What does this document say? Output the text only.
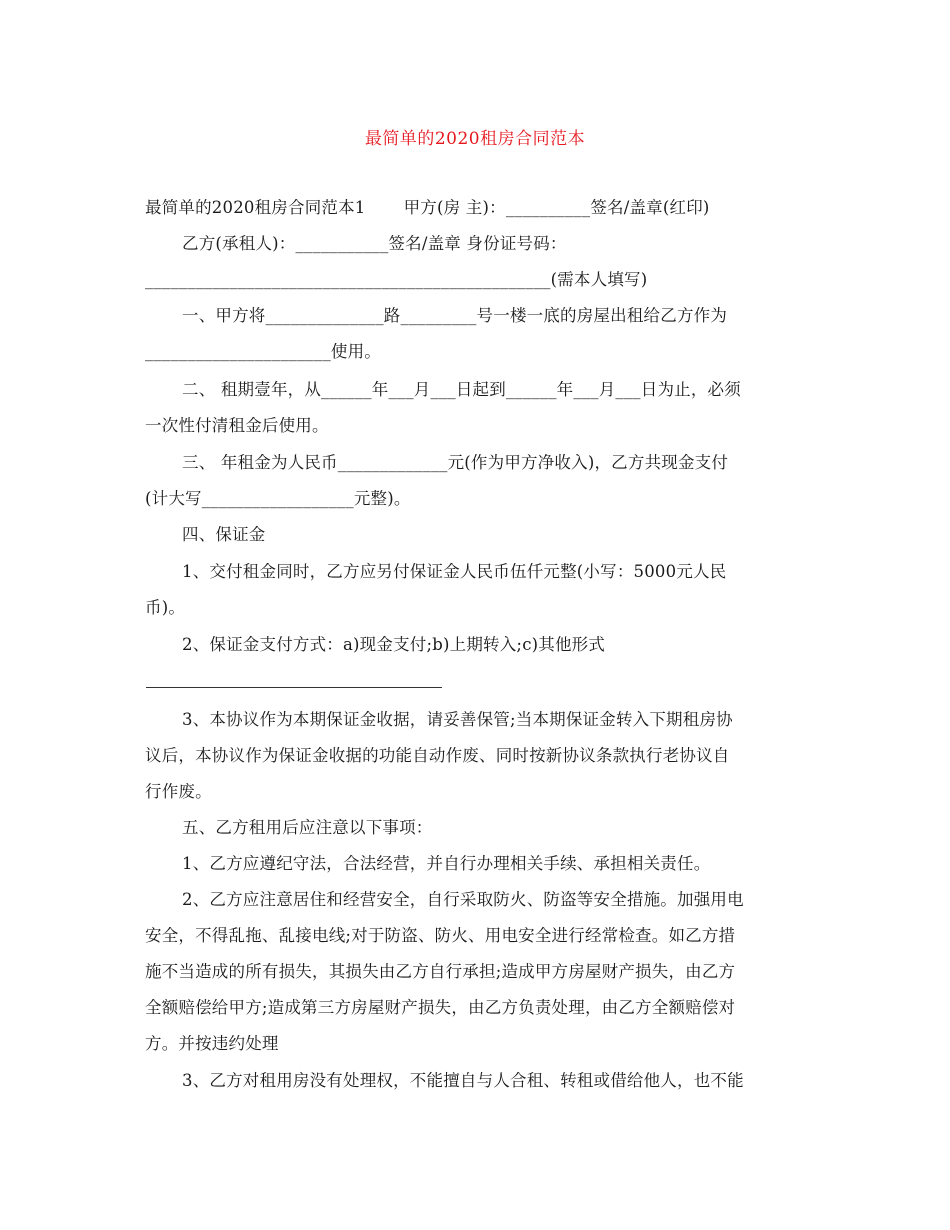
最简单的2020租房合同范本
最简单的2020租房合同范本1       甲方(房 主)：__________签名/盖章(红印)
乙方(承租人)：___________签名/盖章 身份证号码：
________________________________________________(需本人填写)
一、甲方将______________路_________号一楼一底的房屋出租给乙方作为
______________________使用。
二、 租期壹年，从______年___月___日起到______年___月___日为止，必须
一次性付清租金后使用。
三、 年租金为人民币_____________元(作为甲方净收入)，乙方共现金支付
(计大写__________________元整)。
四、保证金
1、交付租金同时，乙方应另付保证金人民币伍仟元整(小写：5000元人民
币)。
2、保证金支付方式：a)现金支付;b)上期转入;c)其他形式
3、本协议作为本期保证金收据，请妥善保管;当本期保证金转入下期租房协
议后，本协议作为保证金收据的功能自动作废、同时按新协议条款执行老协议自
行作废。
五、乙方租用后应注意以下事项：
1、乙方应遵纪守法，合法经营，并自行办理相关手续、承担相关责任。
2、乙方应注意居住和经营安全，自行采取防火、防盗等安全措施。加强用电
安全，不得乱拖、乱接电线;对于防盗、防火、用电安全进行经常检查。如乙方措
施不当造成的所有损失，其损失由乙方自行承担;造成甲方房屋财产损失，由乙方
全额赔偿给甲方;造成第三方房屋财产损失，由乙方负责处理，由乙方全额赔偿对
方。并按违约处理
3、乙方对租用房没有处理权，不能擅自与人合租、转租或借给他人，也不能
